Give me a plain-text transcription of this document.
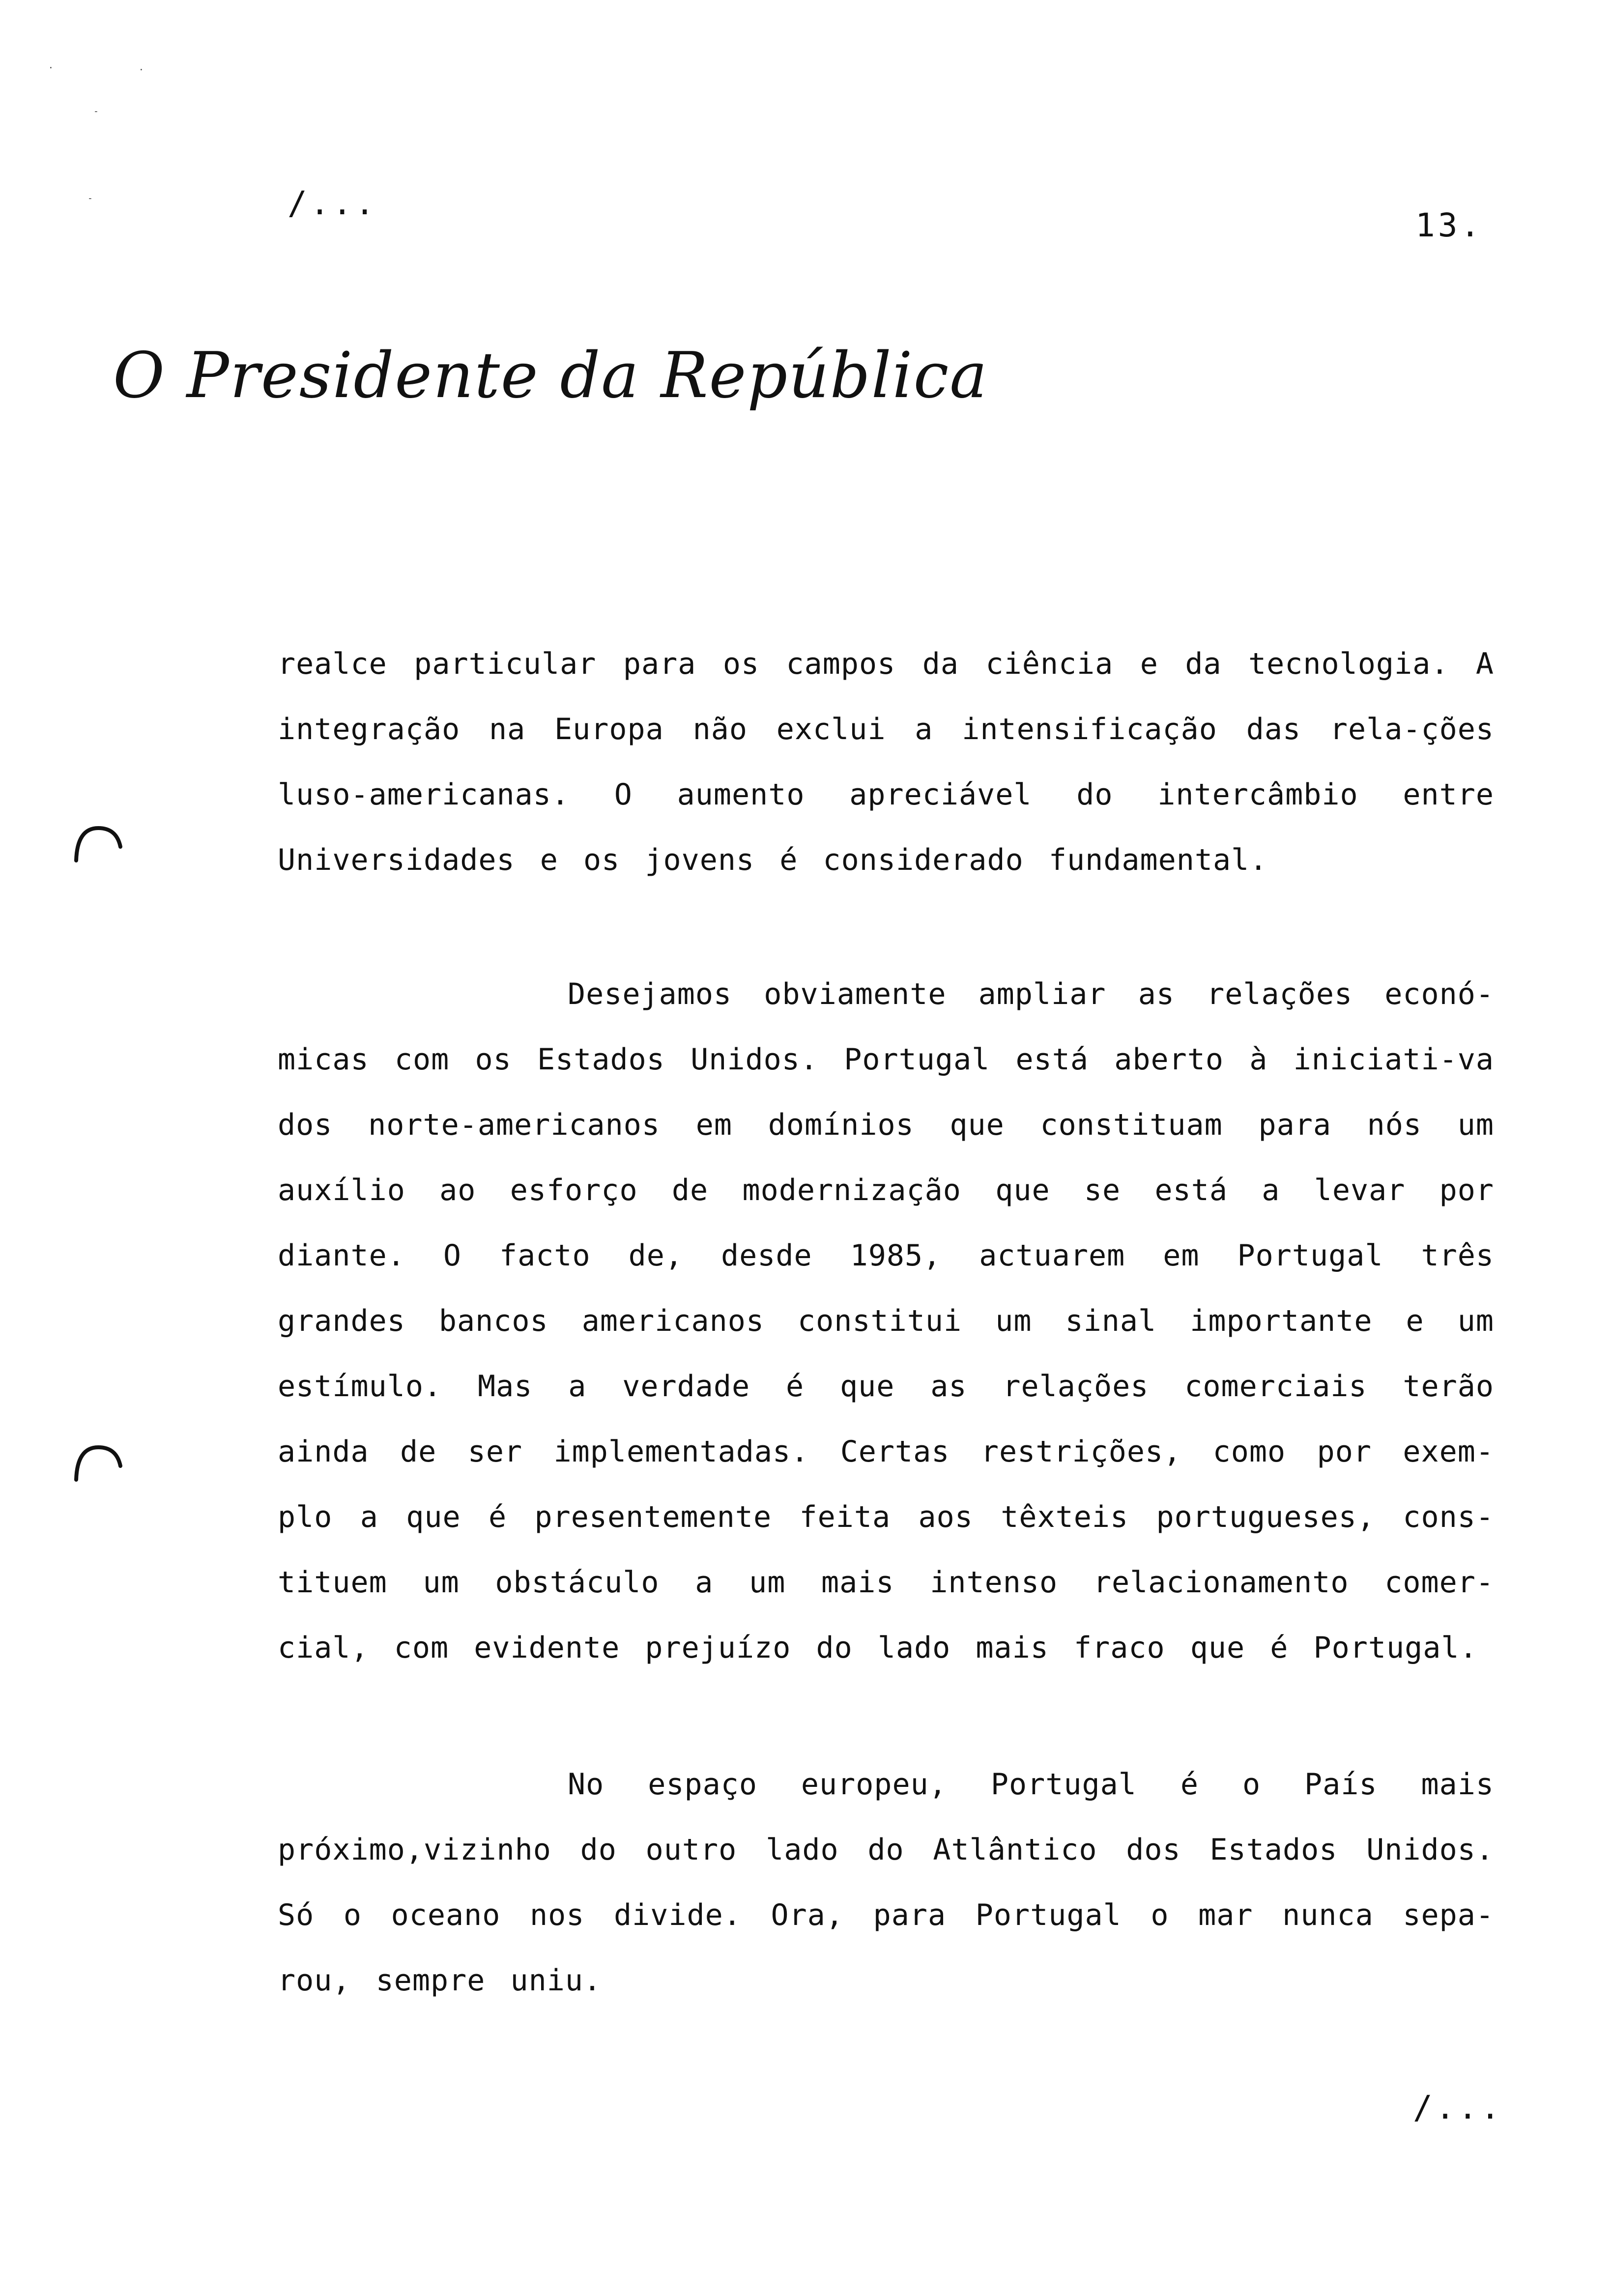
·	·
-
-	/...
13.
O Presidente da República

realce particular para os campos da ciência e da tecnologia. A integração na Europa não exclui a intensificação das rela-ções luso-americanas. O aumento apreciável do intercâmbio entre Universidades e os jovens é considerado fundamental.

Desejamos obviamente ampliar as relações econó-micas com os Estados Unidos. Portugal está aberto à iniciati-va dos norte-americanos em domínios que constituam para nós um auxílio ao esforço de modernização que se está a levar por diante. O facto de, desde 1985, actuarem em Portugal três grandes bancos americanos constitui um sinal importante e um estímulo. Mas a verdade é que as relações comerciais terão ainda de ser implementadas. Certas restrições, como por exem-plo a que é presentemente feita aos têxteis portugueses, cons-tituem um obstáculo a um mais intenso relacionamento comer-cial, com evidente prejuízo do lado mais fraco que é Portugal.

No espaço europeu, Portugal é o País mais próximo,vizinho do outro lado do Atlântico dos Estados Unidos. Só o oceano nos divide. Ora, para Portugal o mar nunca sepa-rou, sempre uniu.

/...
